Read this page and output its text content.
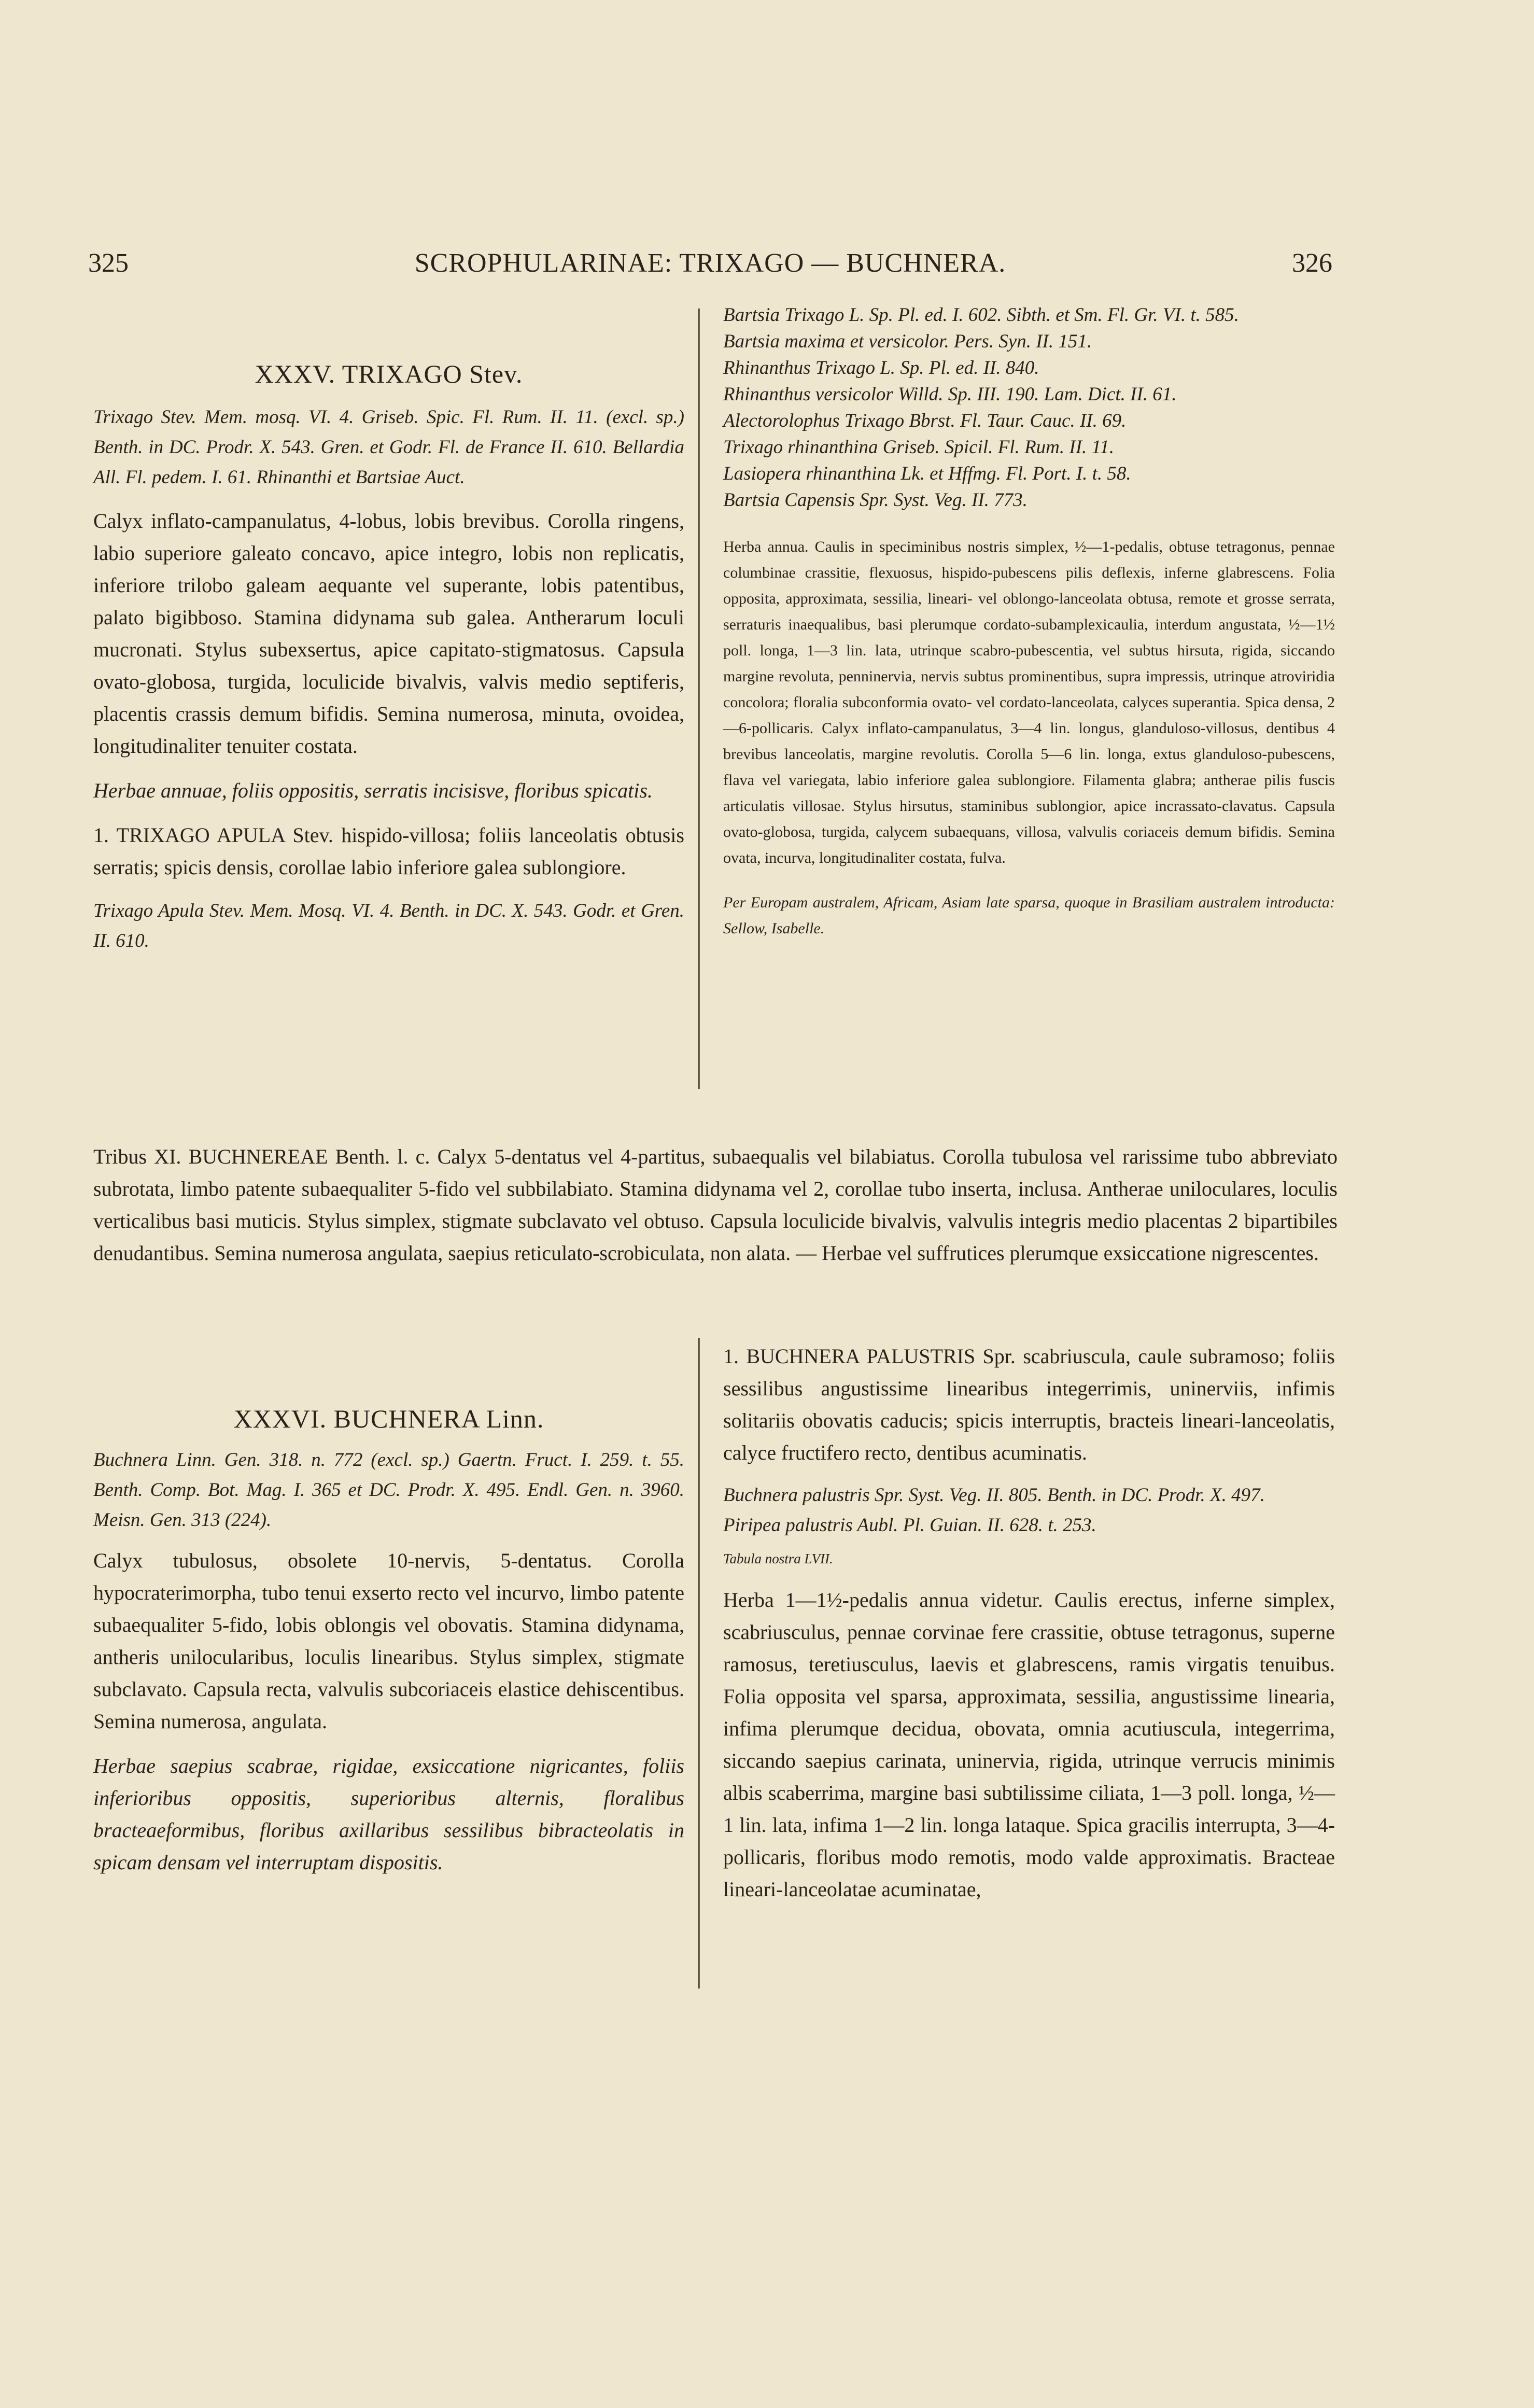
325	SCROPHULARINAE: TRIXAGO — BUCHNERA.	326

XXXV. TRIXAGO Stev.

Trixago Stev. Mem. mosq. VI. 4. Griseb. Spic. Fl. Rum. II. 11. (excl. sp.) Benth. in DC. Prodr. X. 543. Gren. et Godr. Fl. de France II. 610. Bellardia All. Fl. pedem. I. 61. Rhinanthi et Bartsiae Auct.

Calyx inflato-campanulatus, 4-lobus, lobis brevibus. Corolla ringens, labio superiore galeato concavo, apice integro, lobis non replicatis, inferiore trilobo galeam aequante vel superante, lobis patentibus, palato bigibboso. Stamina didynama sub galea. Antherarum loculi mucronati. Stylus subexsertus, apice capitato-stigmatosus. Capsula ovato-globosa, turgida, loculicide bivalvis, valvis medio septiferis, placentis crassis demum bifidis. Semina numerosa, minuta, ovoidea, longitudinaliter tenuiter costata.

Herbae annuae, foliis oppositis, serratis incisisve, floribus spicatis.

1. TRIXAGO APULA Stev. hispido-villosa; foliis lanceolatis obtusis serratis; spicis densis, corollae labio inferiore galea sublongiore.

Trixago Apula Stev. Mem. Mosq. VI. 4. Benth. in DC. X. 543. Godr. et Gren. II. 610.

Bartsia Trixago L. Sp. Pl. ed. I. 602. Sibth. et Sm. Fl. Gr. VI. t. 585.

Bartsia maxima et versicolor. Pers. Syn. II. 151.

Rhinanthus Trixago L. Sp. Pl. ed. II. 840.

Rhinanthus versicolor Willd. Sp. III. 190. Lam. Dict. II. 61.

Alectorolophus Trixago Bbrst. Fl. Taur. Cauc. II. 69.

Trixago rhinanthina Griseb. Spicil. Fl. Rum. II. 11.

Lasiopera rhinanthina Lk. et Hffmg. Fl. Port. I. t. 58.

Bartsia Capensis Spr. Syst. Veg. II. 773.

Herba annua. Caulis in speciminibus nostris simplex, ½—1-pedalis, obtuse tetragonus, pennae columbinae crassitie, flexuosus, hispido-pubescens pilis deflexis, inferne glabrescens. Folia opposita, approximata, sessilia, lineari- vel oblongo-lanceolata obtusa, remote et grosse serrata, serraturis inaequalibus, basi plerumque cordato-subamplexicaulia, interdum angustata, ½—1½ poll. longa, 1—3 lin. lata, utrinque scabro-pubescentia, vel subtus hirsuta, rigida, siccando margine revoluta, penninervia, nervis subtus prominentibus, supra impressis, utrinque atroviridia concolora; floralia subconformia ovato- vel cordato-lanceolata, calyces superantia. Spica densa, 2—6-pollicaris. Calyx inflato-campanulatus, 3—4 lin. longus, glanduloso-villosus, dentibus 4 brevibus lanceolatis, margine revolutis. Corolla 5—6 lin. longa, extus glanduloso-pubescens, flava vel variegata, labio inferiore galea sublongiore. Filamenta glabra; antherae pilis fuscis articulatis villosae. Stylus hirsutus, staminibus sublongior, apice incrassato-clavatus. Capsula ovato-globosa, turgida, calycem subaequans, villosa, valvulis coriaceis demum bifidis. Semina ovata, incurva, longitudinaliter costata, fulva.

Per Europam australem, Africam, Asiam late sparsa, quoque in Brasiliam australem introducta: Sellow, Isabelle.

Tribus XI. BUCHNEREAE Benth. l. c. Calyx 5-dentatus vel 4-partitus, subaequalis vel bilabiatus. Corolla tubulosa vel rarissime tubo abbreviato subrotata, limbo patente subaequaliter 5-fido vel subbilabiato. Stamina didynama vel 2, corollae tubo inserta, inclusa. Antherae uniloculares, loculis verticalibus basi muticis. Stylus simplex, stigmate subclavato vel obtuso. Capsula loculicide bivalvis, valvulis integris medio placentas 2 bipartibiles denudantibus. Semina numerosa angulata, saepius reticulato-scrobiculata, non alata. — Herbae vel suffrutices plerumque exsiccatione nigrescentes.

XXXVI. BUCHNERA Linn.

Buchnera Linn. Gen. 318. n. 772 (excl. sp.) Gaertn. Fruct. I. 259. t. 55. Benth. Comp. Bot. Mag. I. 365 et DC. Prodr. X. 495. Endl. Gen. n. 3960. Meisn. Gen. 313 (224).

Calyx tubulosus, obsolete 10-nervis, 5-dentatus. Corolla hypocraterimorpha, tubo tenui exserto recto vel incurvo, limbo patente subaequaliter 5-fido, lobis oblongis vel obovatis. Stamina didynama, antheris unilocularibus, loculis linearibus. Stylus simplex, stigmate subclavato. Capsula recta, valvulis subcoriaceis elastice dehiscentibus. Semina numerosa, angulata.

Herbae saepius scabrae, rigidae, exsiccatione nigricantes, foliis inferioribus oppositis, superioribus alternis, floralibus bracteaeformibus, floribus axillaribus sessilibus bibracteolatis in spicam densam vel interruptam dispositis.

1. BUCHNERA PALUSTRIS Spr. scabriuscula, caule subramoso; foliis sessilibus angustissime linearibus integerrimis, uninerviis, infimis solitariis obovatis caducis; spicis interruptis, bracteis lineari-lanceolatis, calyce fructifero recto, dentibus acuminatis.

Buchnera palustris Spr. Syst. Veg. II. 805. Benth. in DC. Prodr. X. 497.

Piripea palustris Aubl. Pl. Guian. II. 628. t. 253.

Tabula nostra LVII.

Herba 1—1½-pedalis annua videtur. Caulis erectus, inferne simplex, scabriusculus, pennae corvinae fere crassitie, obtuse tetragonus, superne ramosus, teretiusculus, laevis et glabrescens, ramis virgatis tenuibus. Folia opposita vel sparsa, approximata, sessilia, angustissime linearia, infima plerumque decidua, obovata, omnia acutiuscula, integerrima, siccando saepius carinata, uninervia, rigida, utrinque verrucis minimis albis scaberrima, margine basi subtilissime ciliata, 1—3 poll. longa, ½—1 lin. lata, infima 1—2 lin. longa lataque. Spica gracilis interrupta, 3—4-pollicaris, floribus modo remotis, modo valde approximatis. Bracteae lineari-lanceolatae acuminatae,
